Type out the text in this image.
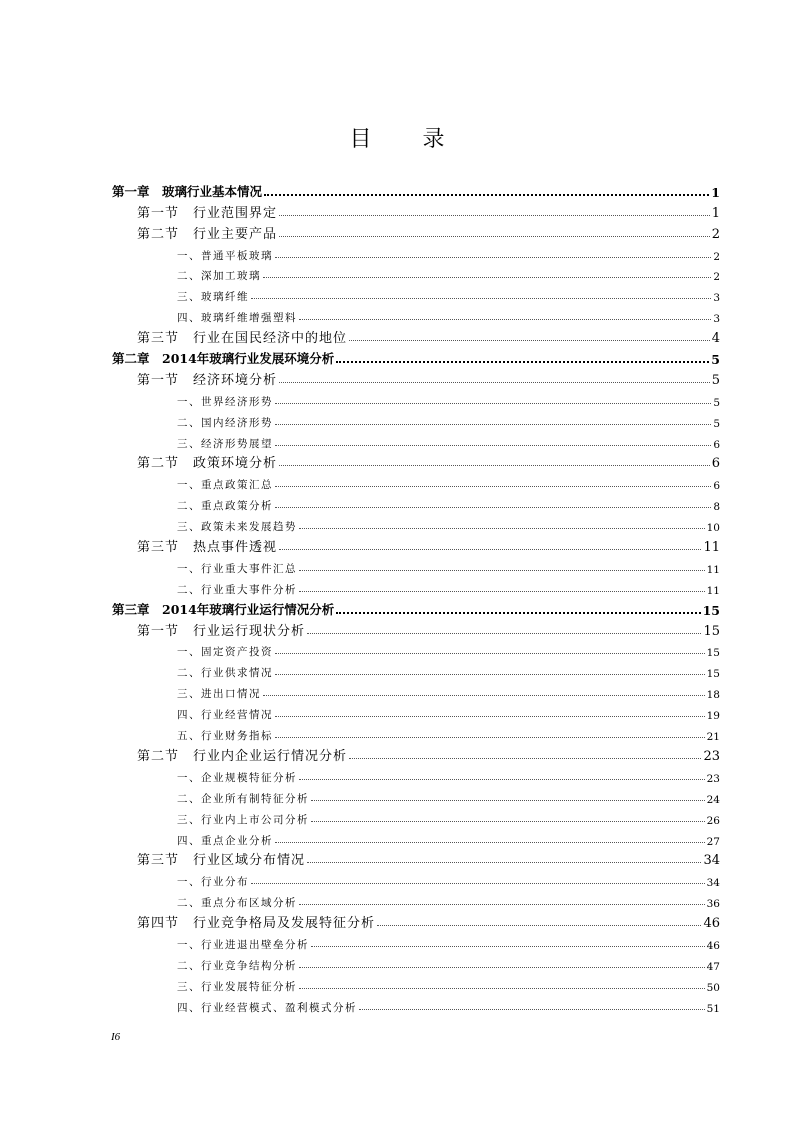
目 录
第一章　玻璃行业基本情况	1
第一节　行业范围界定	1
第二节　行业主要产品	2
一、普通平板玻璃	2
二、深加工玻璃	2
三、玻璃纤维	3
四、玻璃纤维增强塑料	3
第三节　行业在国民经济中的地位	4
第二章　2014年玻璃行业发展环境分析	5
第一节　经济环境分析	5
一、世界经济形势	5
二、国内经济形势	5
三、经济形势展望	6
第二节　政策环境分析	6
一、重点政策汇总	6
二、重点政策分析	8
三、政策未来发展趋势	10
第三节　热点事件透视	11
一、行业重大事件汇总	11
二、行业重大事件分析	11
第三章　2014年玻璃行业运行情况分析	15
第一节　行业运行现状分析	15
一、固定资产投资	15
二、行业供求情况	15
三、进出口情况	18
四、行业经营情况	19
五、行业财务指标	21
第二节　行业内企业运行情况分析	23
一、企业规模特征分析	23
二、企业所有制特征分析	24
三、行业内上市公司分析	26
四、重点企业分析	27
第三节　行业区域分布情况	34
一、行业分布	34
二、重点分布区域分析	36
第四节　行业竞争格局及发展特征分析	46
一、行业进退出壁垒分析	46
二、行业竞争结构分析	47
三、行业发展特征分析	50
四、行业经营模式、盈利模式分析	51
I6
